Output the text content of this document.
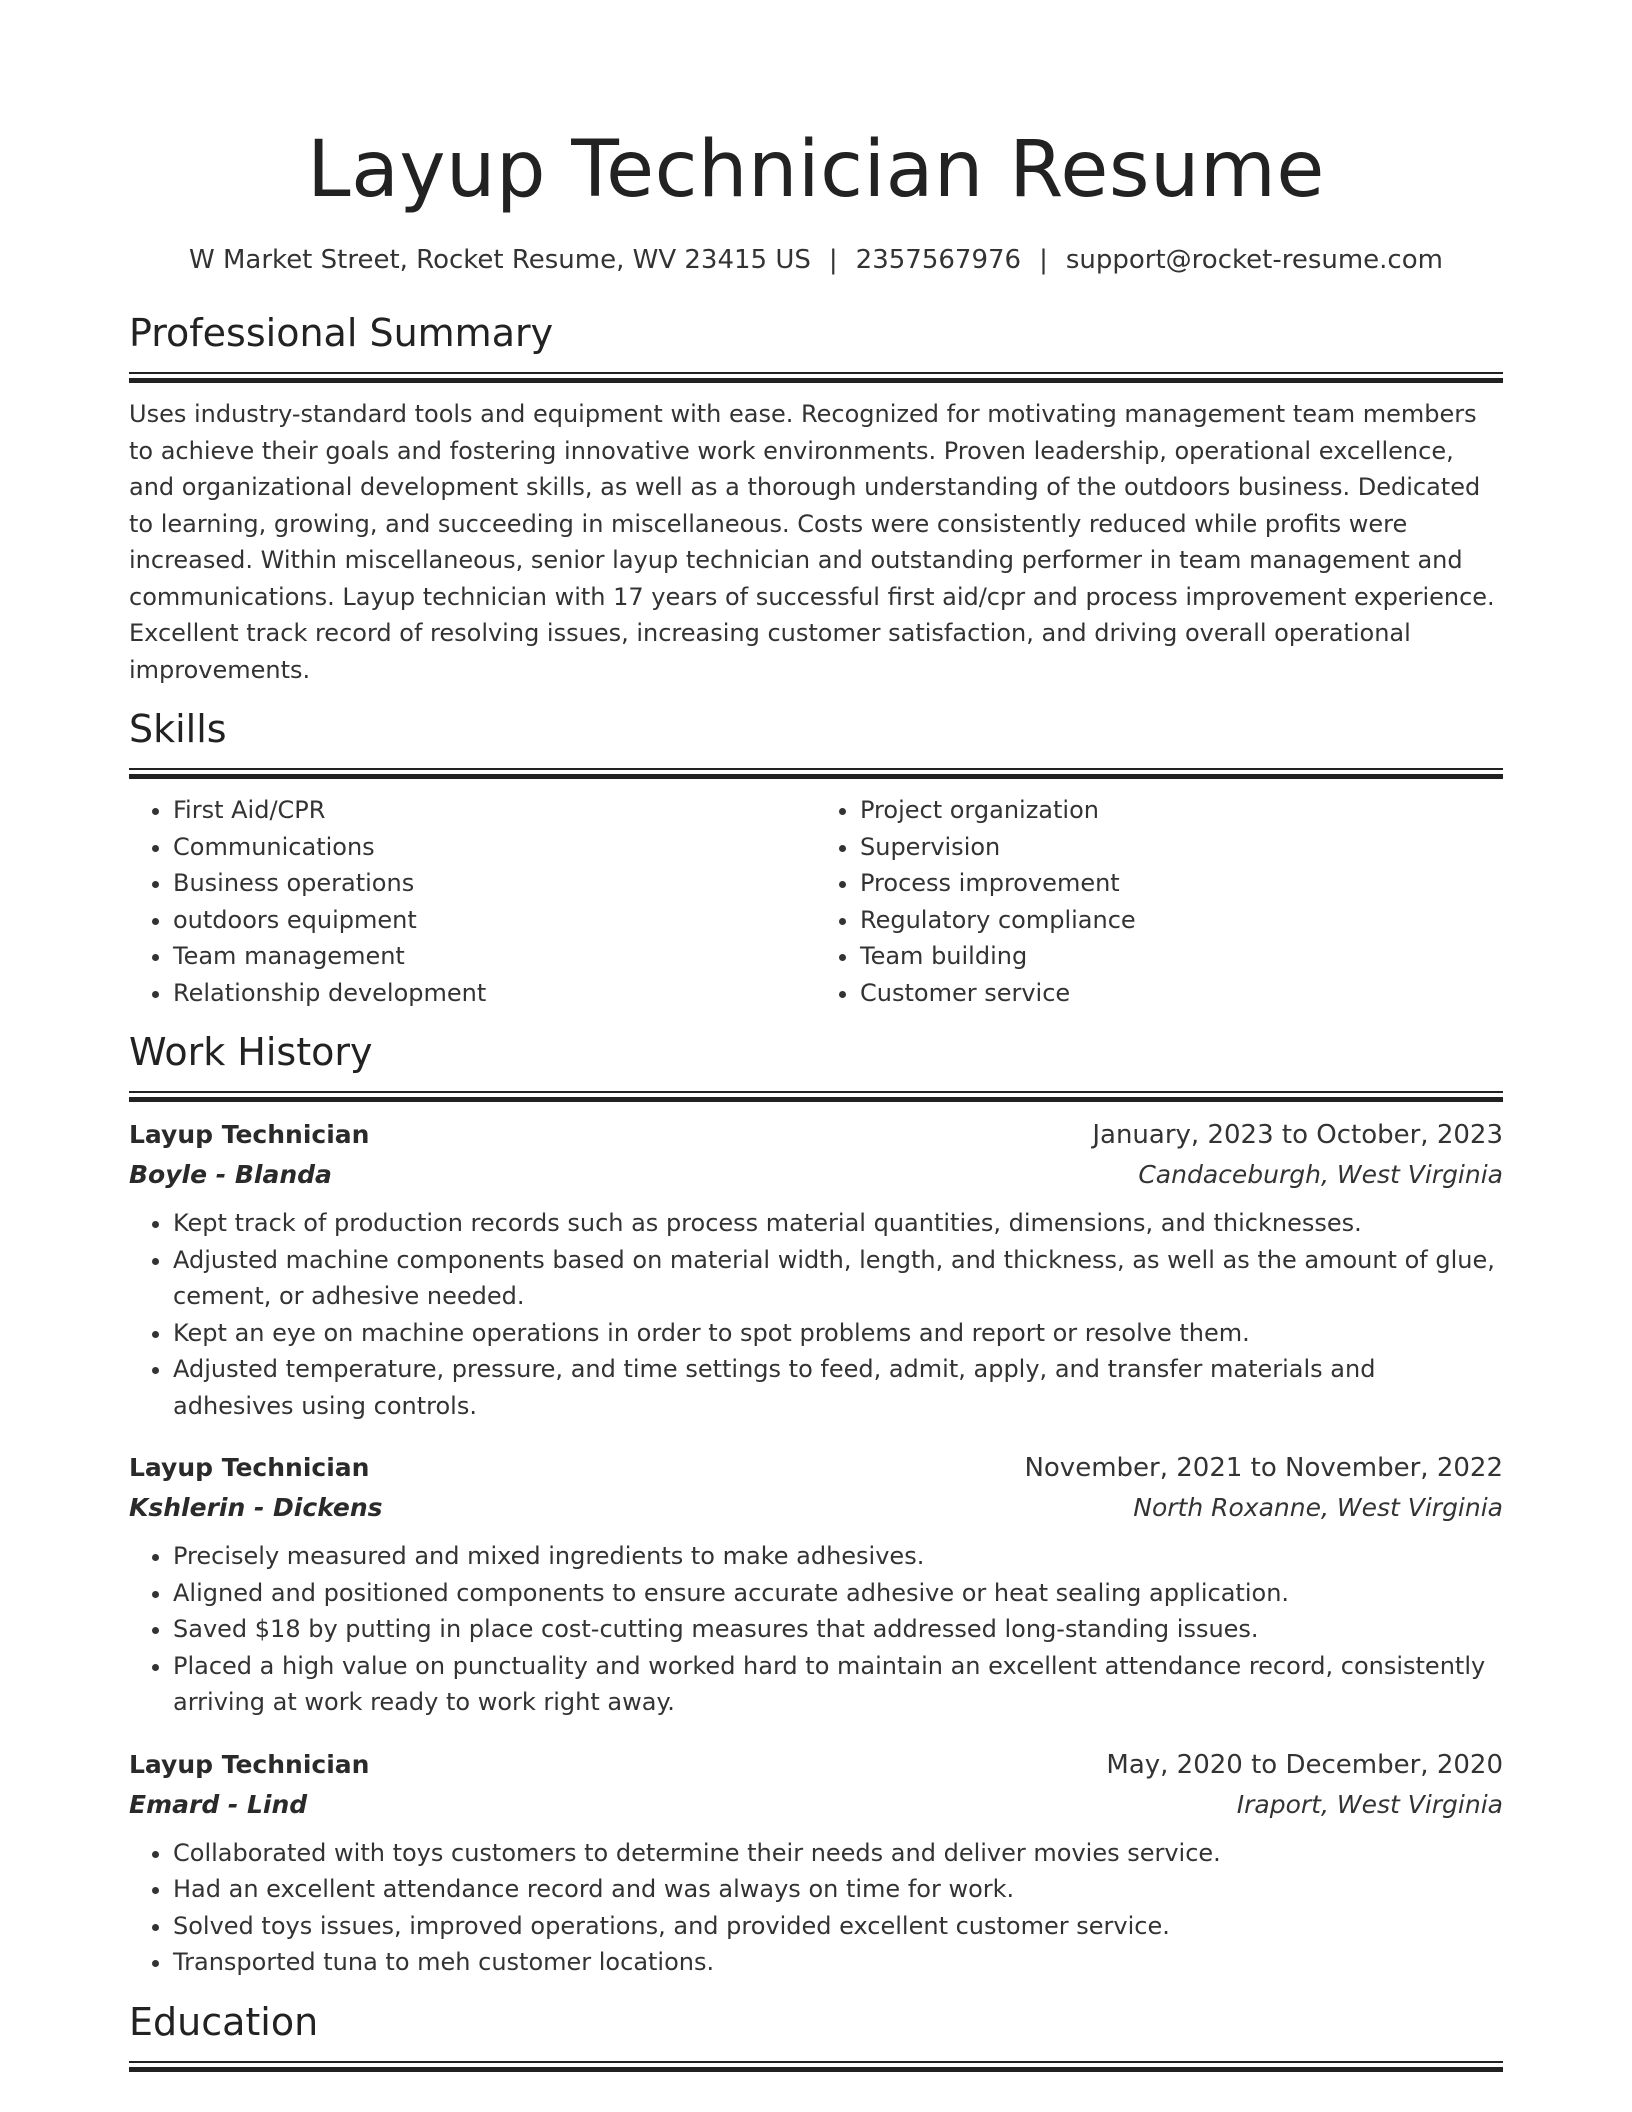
Layup Technician Resume
W Market Street, Rocket Resume, WV 23415 US | 2357567976 | support@rocket-resume.com
Professional Summary

Uses industry-standard tools and equipment with ease. Recognized for motivating management team members to achieve their goals and fostering innovative work environments. Proven leadership, operational excellence, and organizational development skills, as well as a thorough understanding of the outdoors business. Dedicated to learning, growing, and succeeding in miscellaneous. Costs were consistently reduced while profits were increased. Within miscellaneous, senior layup technician and outstanding performer in team management and communications. Layup technician with 17 years of successful first aid/cpr and process improvement experience. Excellent track record of resolving issues, increasing customer satisfaction, and driving overall operational improvements.

Skills
• First Aid/CPR
• Communications
• Business operations
• outdoors equipment
• Team management
• Relationship development
• Project organization
• Supervision
• Process improvement
• Regulatory compliance
• Team building
• Customer service
Work History
Layup Technician	January, 2023 to October, 2023
Boyle - Blanda	Candaceburgh, West Virginia
• Kept track of production records such as process material quantities, dimensions, and thicknesses.
• Adjusted machine components based on material width, length, and thickness, as well as the amount of glue, cement, or adhesive needed.
• Kept an eye on machine operations in order to spot problems and report or resolve them.
• Adjusted temperature, pressure, and time settings to feed, admit, apply, and transfer materials and adhesives using controls.
Layup Technician	November, 2021 to November, 2022
Kshlerin - Dickens	North Roxanne, West Virginia
• Precisely measured and mixed ingredients to make adhesives.
• Aligned and positioned components to ensure accurate adhesive or heat sealing application.
• Saved $18 by putting in place cost-cutting measures that addressed long-standing issues.
• Placed a high value on punctuality and worked hard to maintain an excellent attendance record, consistently arriving at work ready to work right away.
Layup Technician	May, 2020 to December, 2020
Emard - Lind	Iraport, West Virginia
• Collaborated with toys customers to determine their needs and deliver movies service.
• Had an excellent attendance record and was always on time for work.
• Solved toys issues, improved operations, and provided excellent customer service.
• Transported tuna to meh customer locations.
Education
